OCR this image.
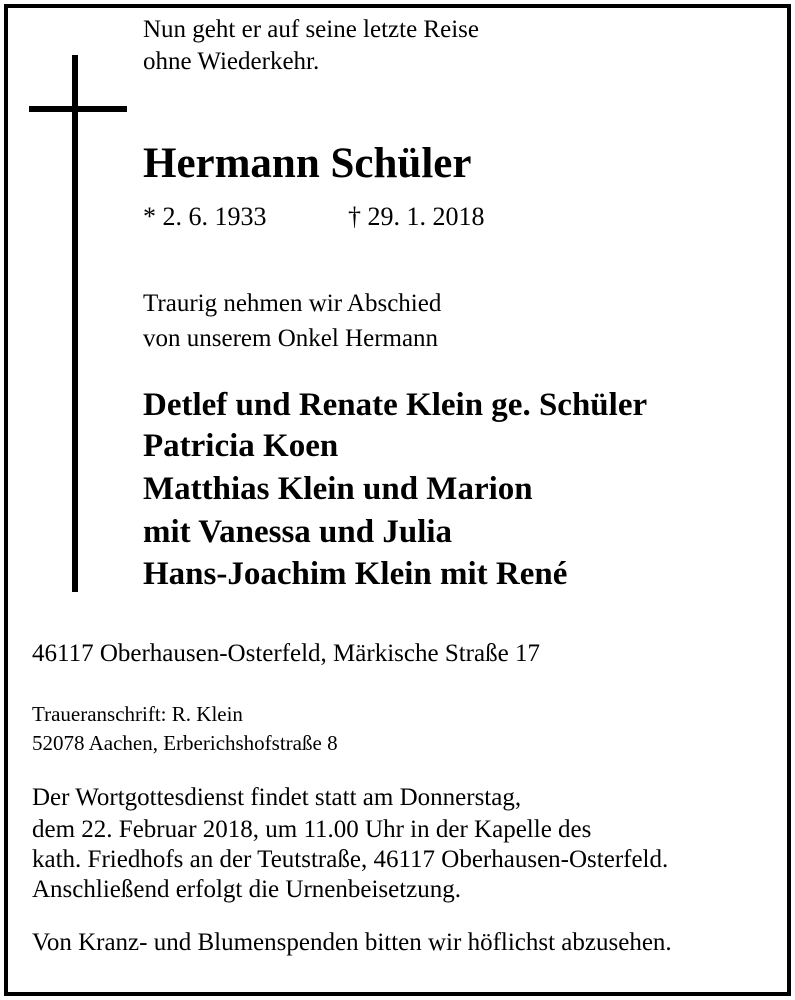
Nun geht er auf seine letzte Reise
ohne Wiederkehr.
Hermann Schüler
* 2. 6. 1933	† 29. 1. 2018
Traurig nehmen wir Abschied
von unserem Onkel Hermann
Detlef und Renate Klein ge. Schüler
Patricia Koen
Matthias Klein und Marion
mit Vanessa und Julia
Hans-Joachim Klein mit René
46117 Oberhausen-Osterfeld, Märkische Straße 17
Traueranschrift: R. Klein
52078 Aachen, Erberichshofstraße 8
Der Wortgottesdienst findet statt am Donnerstag,
dem 22. Februar 2018, um 11.00 Uhr in der Kapelle des
kath. Friedhofs an der Teutstraße, 46117 Oberhausen-Osterfeld.
Anschließend erfolgt die Urnenbeisetzung.
Von Kranz- und Blumenspenden bitten wir höflichst abzusehen.
